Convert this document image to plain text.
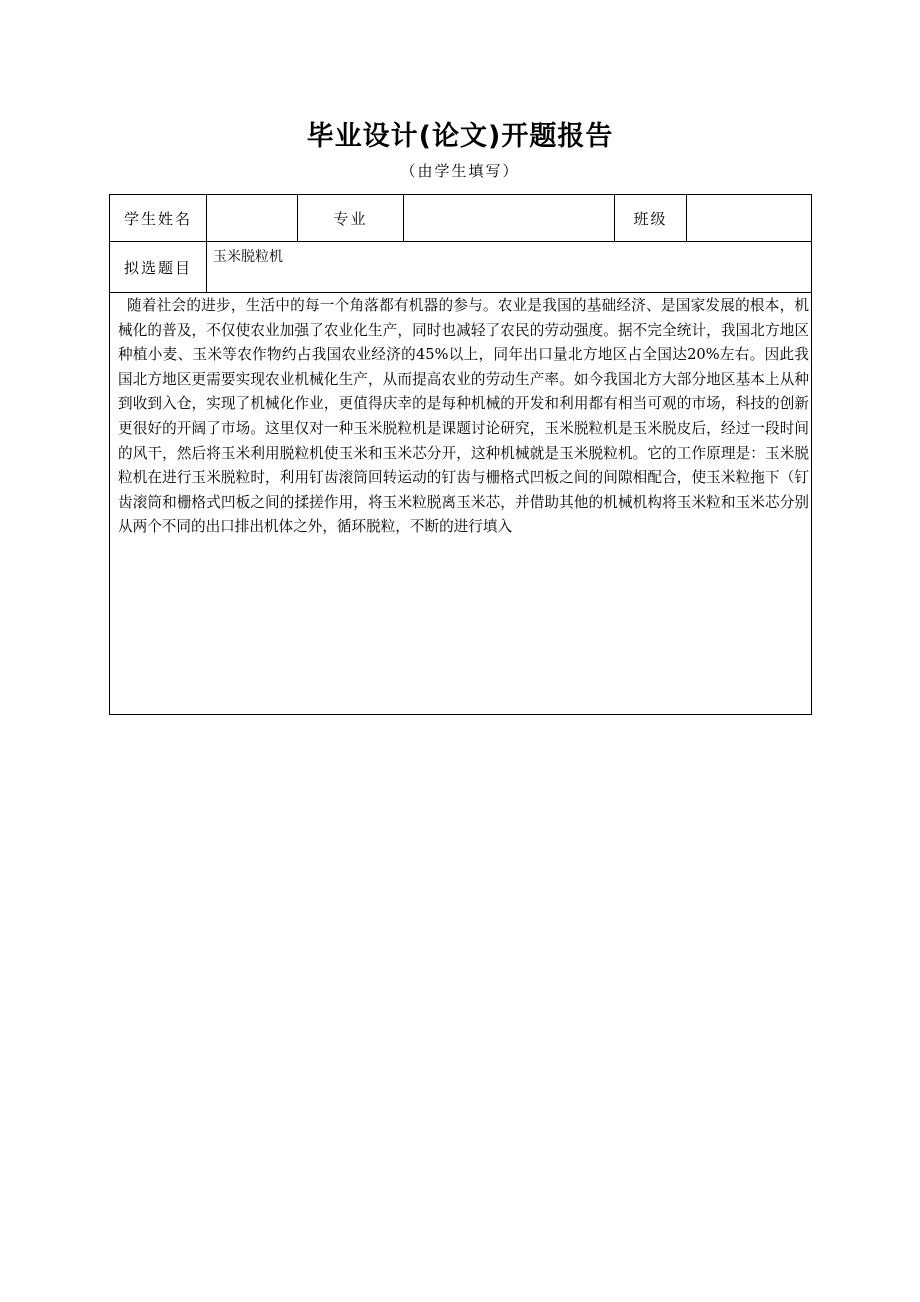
毕业设计(论文)开题报告
（由学生填写）
学生姓名		专业		班级	
拟选题目	玉米脱粒机				

随着社会的进步，生活中的每一个角落都有机器的参与。农业是我国的基础经济、是国家发展的根本，机械化的普及，不仅使农业加强了农业化生产，同时也减轻了农民的劳动强度。据不完全统计，我国北方地区种植小麦、玉米等农作物约占我国农业经济的45%以上，同年出口量北方地区占全国达20%左右。因此我国北方地区更需要实现农业机械化生产，从而提高农业的劳动生产率。如今我国北方大部分地区基本上从种到收到入仓，实现了机械化作业，更值得庆幸的是每种机械的开发和利用都有相当可观的市场，科技的创新更很好的开阔了市场。这里仅对一种玉米脱粒机是课题讨论研究，玉米脱粒机是玉米脱皮后，经过一段时间的风干，然后将玉米利用脱粒机使玉米和玉米芯分开，这种机械就是玉米脱粒机。它的工作原理是：玉米脱粒机在进行玉米脱粒时，利用钉齿滚筒回转运动的钉齿与栅格式凹板之间的间隙相配合，使玉米粒拖下（钉齿滚筒和栅格式凹板之间的揉搓作用，将玉米粒脱离玉米芯，并借助其他的机械机构将玉米粒和玉米芯分别从两个不同的出口排出机体之外，循环脱粒，不断的进行填入					
